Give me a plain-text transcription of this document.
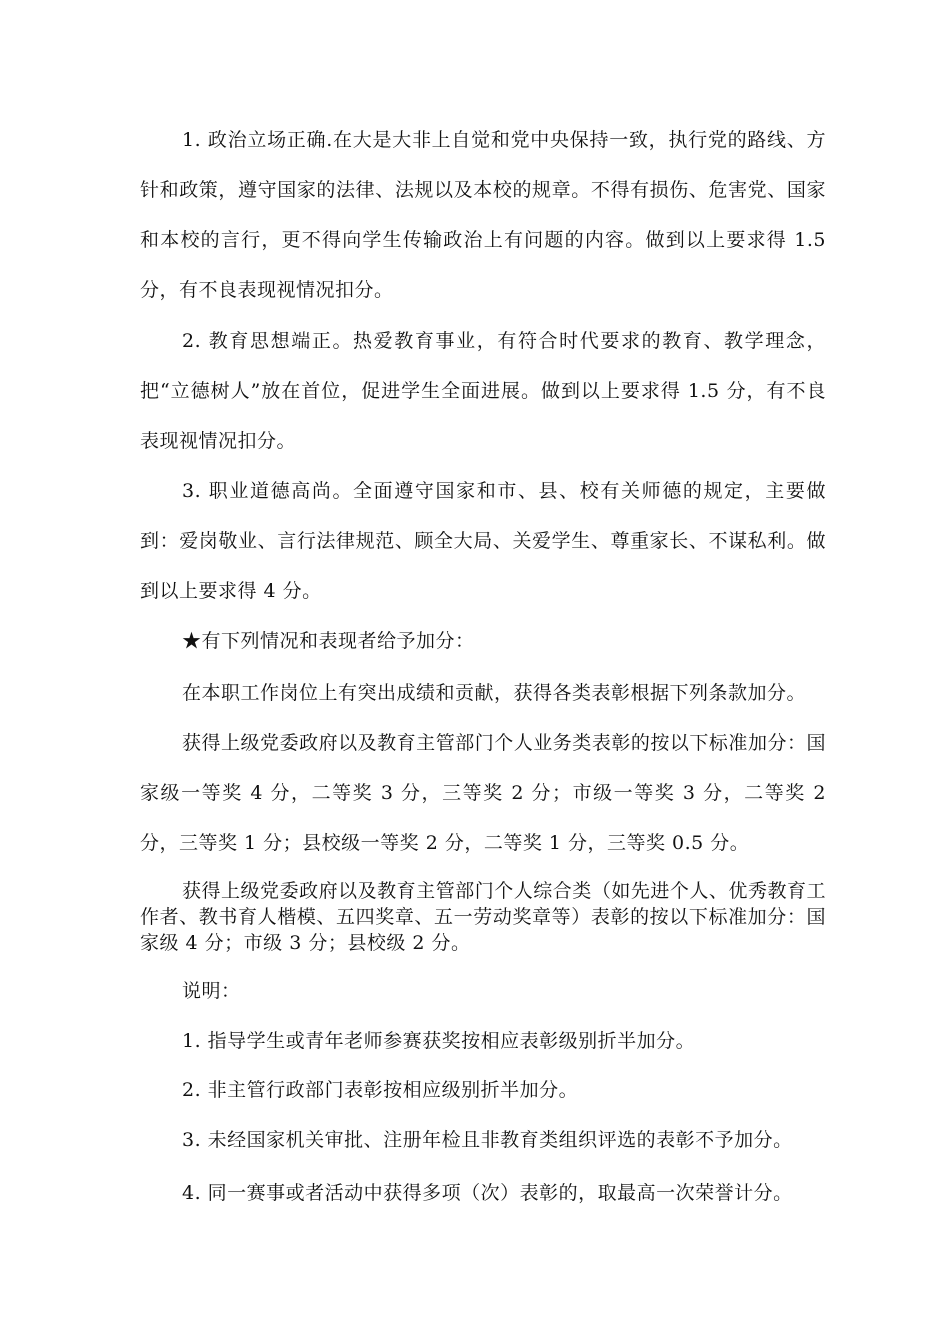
1. 政治立场正确.在大是大非上自觉和党中央保持一致，执行党的路线、方针和政策，遵守国家的法律、法规以及本校的规章。不得有损伤、危害党、国家和本校的言行，更不得向学生传输政治上有问题的内容。做到以上要求得 1.5 分，有不良表现视情况扣分。

2. 教育思想端正。热爱教育事业，有符合时代要求的教育、教学理念，把“立德树人”放在首位，促进学生全面进展。做到以上要求得 1.5 分，有不良表现视情况扣分。

3. 职业道德高尚。全面遵守国家和市、县、校有关师德的规定，主要做到：爱岗敬业、言行法律规范、顾全大局、关爱学生、尊重家长、不谋私利。做到以上要求得 4 分。

★有下列情况和表现者给予加分：

在本职工作岗位上有突出成绩和贡献，获得各类表彰根据下列条款加分。

获得上级党委政府以及教育主管部门个人业务类表彰的按以下标准加分：国家级一等奖 4 分，二等奖 3 分，三等奖 2 分；市级一等奖 3 分，二等奖 2 分，三等奖 1 分；县校级一等奖 2 分，二等奖 1 分，三等奖 0.5 分。

获得上级党委政府以及教育主管部门个人综合类（如先进个人、优秀教育工作者、教书育人楷模、五四奖章、五一劳动奖章等）表彰的按以下标准加分：国家级 4 分；市级 3 分；县校级 2 分。

说明：

1. 指导学生或青年老师参赛获奖按相应表彰级别折半加分。

2. 非主管行政部门表彰按相应级别折半加分。

3. 未经国家机关审批、注册年检且非教育类组织评选的表彰不予加分。

4. 同一赛事或者活动中获得多项（次）表彰的，取最高一次荣誉计分。
